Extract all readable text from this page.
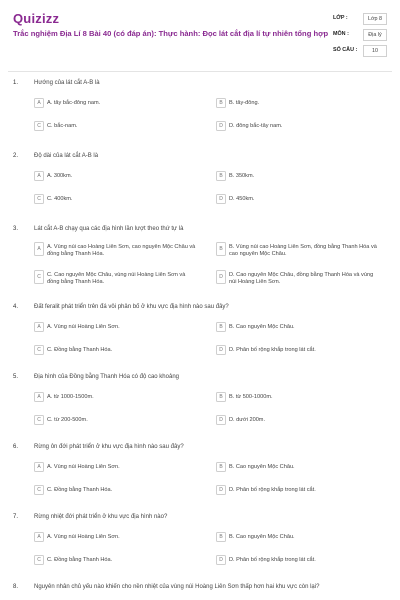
Quizizz
Trắc nghiệm Địa Lí 8 Bài 40 (có đáp án): Thực hành: Đọc lát cắt địa lí tự nhiên tổng hợp
LỚP :	Lớp 8
MÔN :	Địa lý
SỐ CÂU :	10
1.	Hướng của lát cắt A-B là
A	A. tây bắc-đông nam.	B	B. tây-đông.
C	C. bắc-nam.	D	D. đông bắc-tây nam.
2.	Độ dài của lát cắt A-B là
A	A. 300km.	B	B. 350km.
C	C. 400km.	D	D. 450km.
3.	Lát cắt A-B chạy qua các địa hình lần lượt theo thứ tự là
A	A. Vùng núi cao Hoàng Liên Sơn, cao nguyên Mộc Châu và đồng bằng Thanh Hóa.
B	B. Vùng núi cao Hoàng Liên Sơn, đồng bằng Thanh Hóa và cao nguyên Mộc Châu.
C	C. Cao nguyên Mộc Châu, vùng núi Hoàng Liên Sơn và đồng bằng Thanh Hóa.
D	D. Cao nguyên Mộc Châu, đồng bằng Thanh Hóa và vùng núi Hoàng Liên Sơn.
4.	Đất feralit phát triển trên đá vôi phân bố ở khu vực địa hình nào sau đây?
A	A. Vùng núi Hoàng Liên Sơn.	B	B. Cao nguyên Mộc Châu.
C	C. Đồng bằng Thanh Hóa.	D	D. Phân bố rộng khắp trong lát cắt.
5.	Địa hình của Đồng bằng Thanh Hóa có độ cao khoảng
A	A. từ 1000-1500m.	B	B. từ 500-1000m.
C	C. từ 200-500m.	D	D. dưới 200m.
6.	Rừng ôn đới phát triển ở khu vực địa hình nào sau đây?
A	A. Vùng núi Hoàng Liên Sơn.	B	B. Cao nguyên Mộc Châu.
C	C. Đồng bằng Thanh Hóa.	D	D. Phân bố rộng khắp trong lát cắt.
7.	Rừng nhiệt đới phát triển ở khu vực địa hình nào?
A	A. Vùng núi Hoàng Liên Sơn.	B	B. Cao nguyên Mộc Châu.
C	C. Đồng bằng Thanh Hóa.	D	D. Phân bố rộng khắp trong lát cắt.
8.	Nguyên nhân chủ yếu nào khiến cho nền nhiệt của vùng núi Hoàng Liên Sơn thấp hơn hai khu vực còn lại?
